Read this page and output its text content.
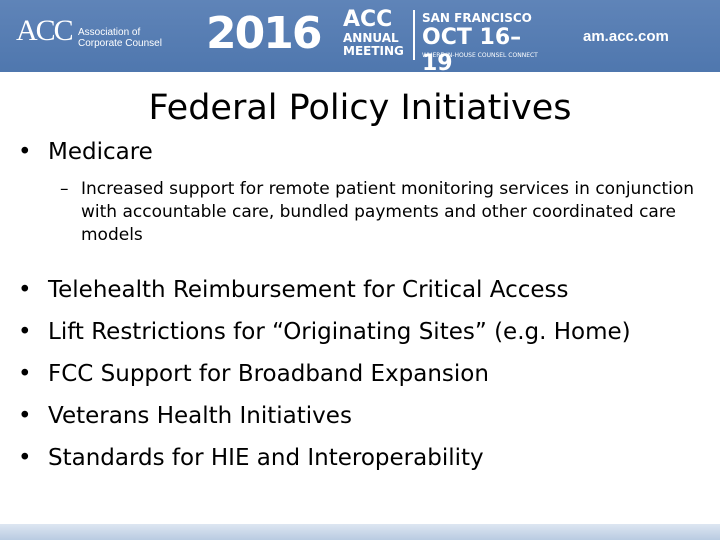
ACC Association of
Corporate Counsel 2016 ACC
ANNUAL
MEETING
SAN FRANCISCO
OCT 16–19
WHERE IN-HOUSE COUNSEL CONNECT
am.acc.com
Federal Policy Initiatives
• Medicare
– Increased support for remote patient monitoring services in conjunction with accountable care, bundled payments and other coordinated care models
• Telehealth Reimbursement for Critical Access
• Lift Restrictions for “Originating Sites” (e.g. Home)
• FCC Support for Broadband Expansion
• Veterans Health Initiatives
• Standards for HIE and Interoperability
